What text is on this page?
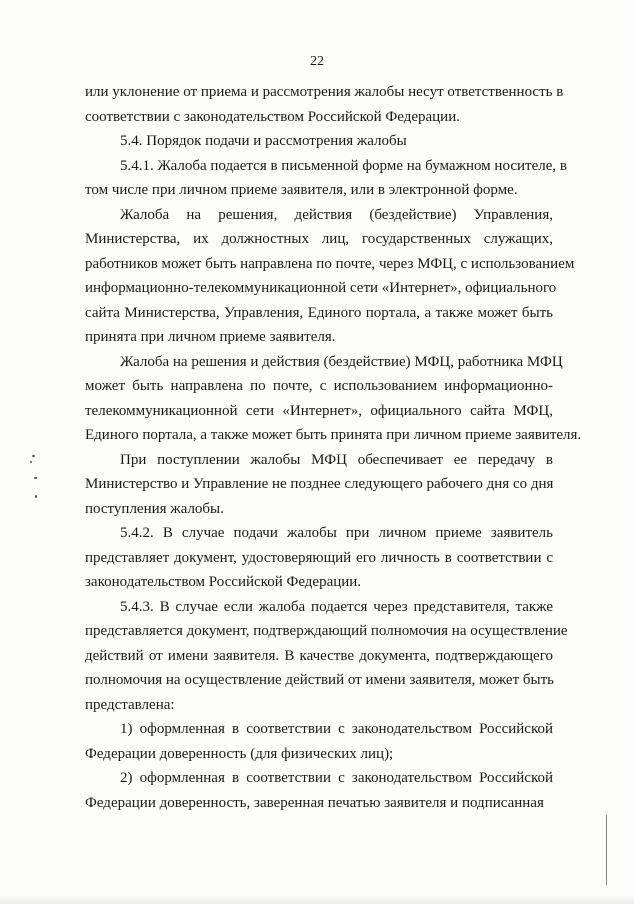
22
или уклонение от приема и рассмотрения жалобы несут ответственность в
соответствии с законодательством Российской Федерации.
5.4. Порядок подачи и рассмотрения жалобы
5.4.1. Жалоба подается в письменной форме на бумажном носителе, в
том числе при личном приеме заявителя, или в электронной форме.
Жалоба на решения, действия (бездействие) Управления,
Министерства, их должностных лиц, государственных служащих,
работников может быть направлена по почте, через МФЦ, с использованием
информационно-телекоммуникационной сети «Интернет», официального
сайта Министерства, Управления, Единого портала, а также может быть
принята при личном приеме заявителя.
Жалоба на решения и действия (бездействие) МФЦ, работника МФЦ
может быть направлена по почте, с использованием информационно-
телекоммуникационной сети «Интернет», официального сайта МФЦ,
Единого портала, а также может быть принята при личном приеме заявителя.
При поступлении жалобы МФЦ обеспечивает ее передачу в
Министерство и Управление не позднее следующего рабочего дня со дня
поступления жалобы.
5.4.2. В случае подачи жалобы при личном приеме заявитель
представляет документ, удостоверяющий его личность в соответствии с
законодательством Российской Федерации.
5.4.3. В случае если жалоба подается через представителя, также
представляется документ, подтверждающий полномочия на осуществление
действий от имени заявителя. В качестве документа, подтверждающего
полномочия на осуществление действий от имени заявителя, может быть
представлена:
1) оформленная в соответствии с законодательством Российской
Федерации доверенность (для физических лиц);
2) оформленная в соответствии с законодательством Российской
Федерации доверенность, заверенная печатью заявителя и подписанная
